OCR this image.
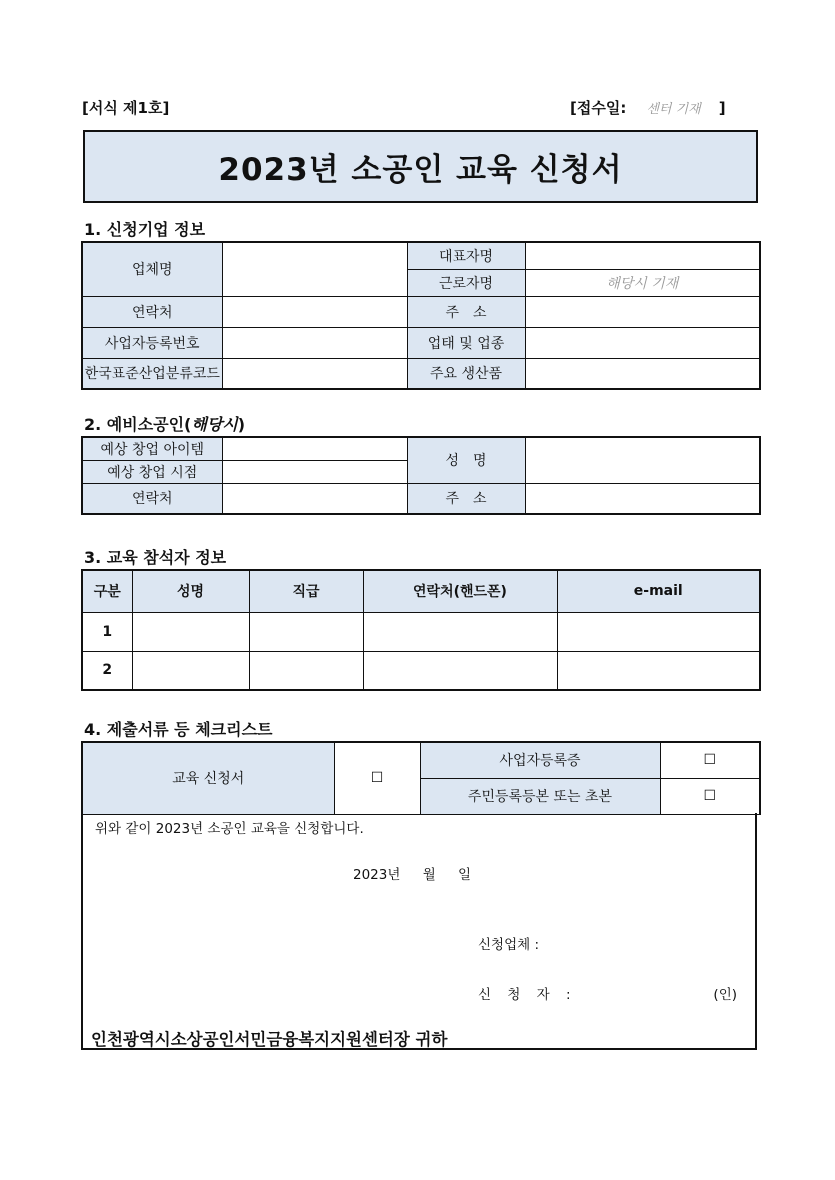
[서식 제1호]	[접수일: 센터 기재 ]
2023년 소공인 교육 신청서
1. 신청기업 정보
업체명		대표자명	
		근로자명	해당시 기재
연락처		주　소	
사업자등록번호		업태 및 업종	
한국표준산업분류코드		주요 생산품	
2. 예비소공인(해당시)
예상 창업 아이템		성　명	
예상 창업 시점			
연락처		주　소	
3. 교육 참석자 정보
구분	성명	직급	연락처(핸드폰)	e-mail
1				
2				
4. 제출서류 등 체크리스트
교육 신청서	☐	사업자등록증	☐
		주민등록등본 또는 초본	☐
위와 같이 2023년 소공인 교육을 신청합니다.
2023년 월 일
신청업체 :
신 청 자 :	(인)
인천광역시소상공인서민금융복지지원센터장 귀하
